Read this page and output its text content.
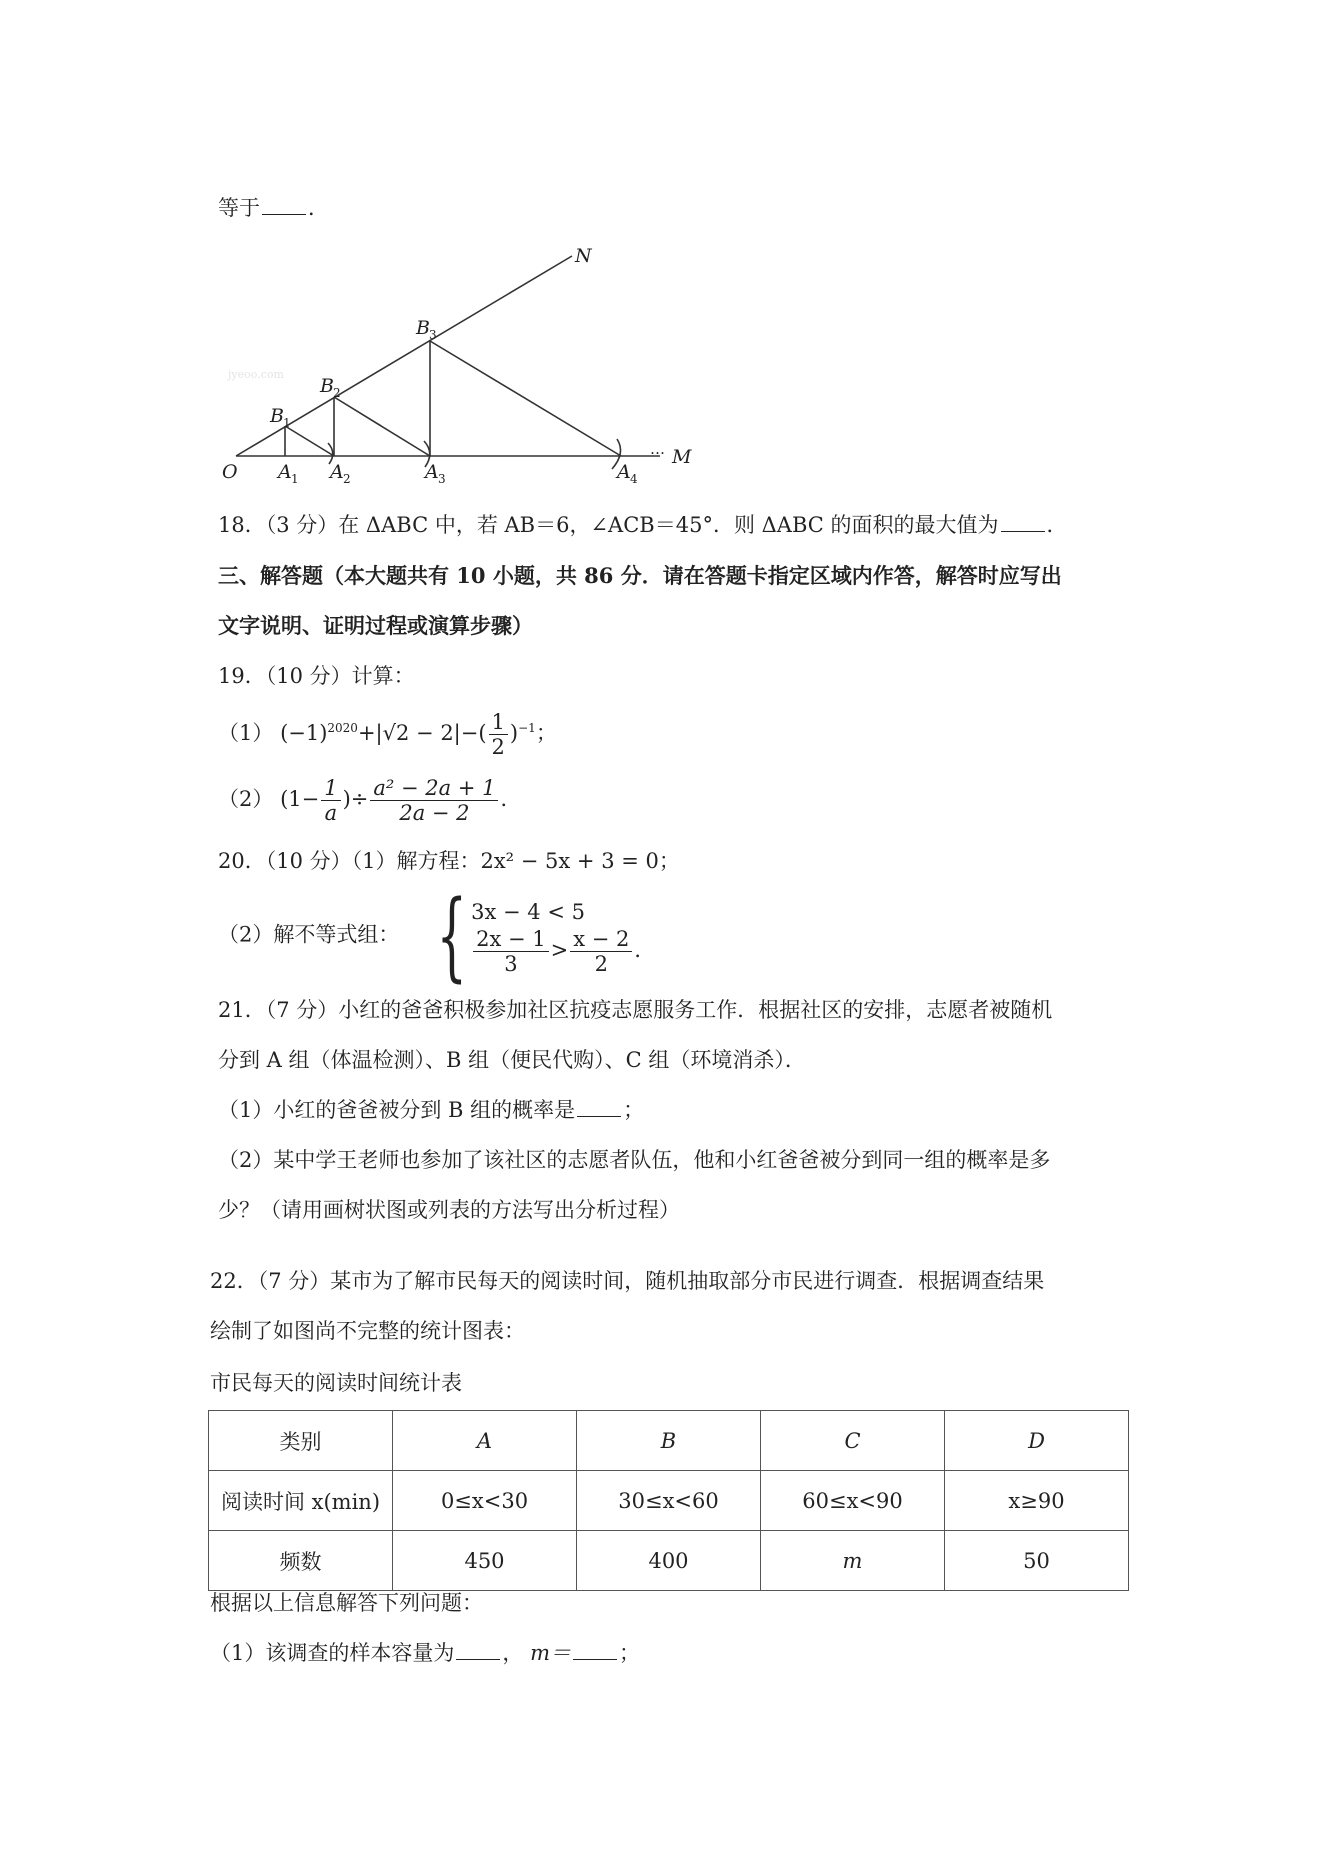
等于 ．
jyeoo.com
N
M
…
O
B 1
B 2
B 3
A 1 A 2	A 3	A 4
18．（3 分）在 ΔABC 中，若 AB＝6，∠ACB＝45°．则 ΔABC 的面积的最大值为 ．
三、解答题（本大题共有 10 小题，共 86 分．请在答题卡指定区域内作答，解答时应写出
文字说明、证明过程或演算步骤）
19．（10 分）计算：
（1） $(-1)^{2020}+|√2 - 2|-( \frac{1}{2} )^{-1}$；
（2） ($1- \frac{1}{a}$ )÷ $\frac{\text{a² − 2a + 1}}{2a - 2}$ ．
20．（10 分）（1）解方程：2x² − 5x + 3 = 0；
（2）解不等式组： { 3x − 4 < 5
$\frac{2x - 1}{3} > \frac{x - 2}{2}$ ．
21．（7 分）小红的爸爸积极参加社区抗疫志愿服务工作．根据社区的安排，志愿者被随机
分到 A 组（体温检测）、B 组（便民代购）、C 组（环境消杀）．
（1）小红的爸爸被分到 B 组的概率是 ；
（2）某中学王老师也参加了该社区的志愿者队伍，他和小红爸爸被分到同一组的概率是多
少？（请用画树状图或列表的方法写出分析过程）
22．（7 分）某市为了解市民每天的阅读时间，随机抽取部分市民进行调查．根据调查结果
绘制了如图尚不完整的统计图表：
市民每天的阅读时间统计表
类别	A	B	C	D
阅读时间 x(min)	0≤x<30	30≤x<60	60≤x<90	x≥90
频数	450	400	m	50
根据以上信息解答下列问题：
（1）该调查的样本容量为 ， m＝ ；
